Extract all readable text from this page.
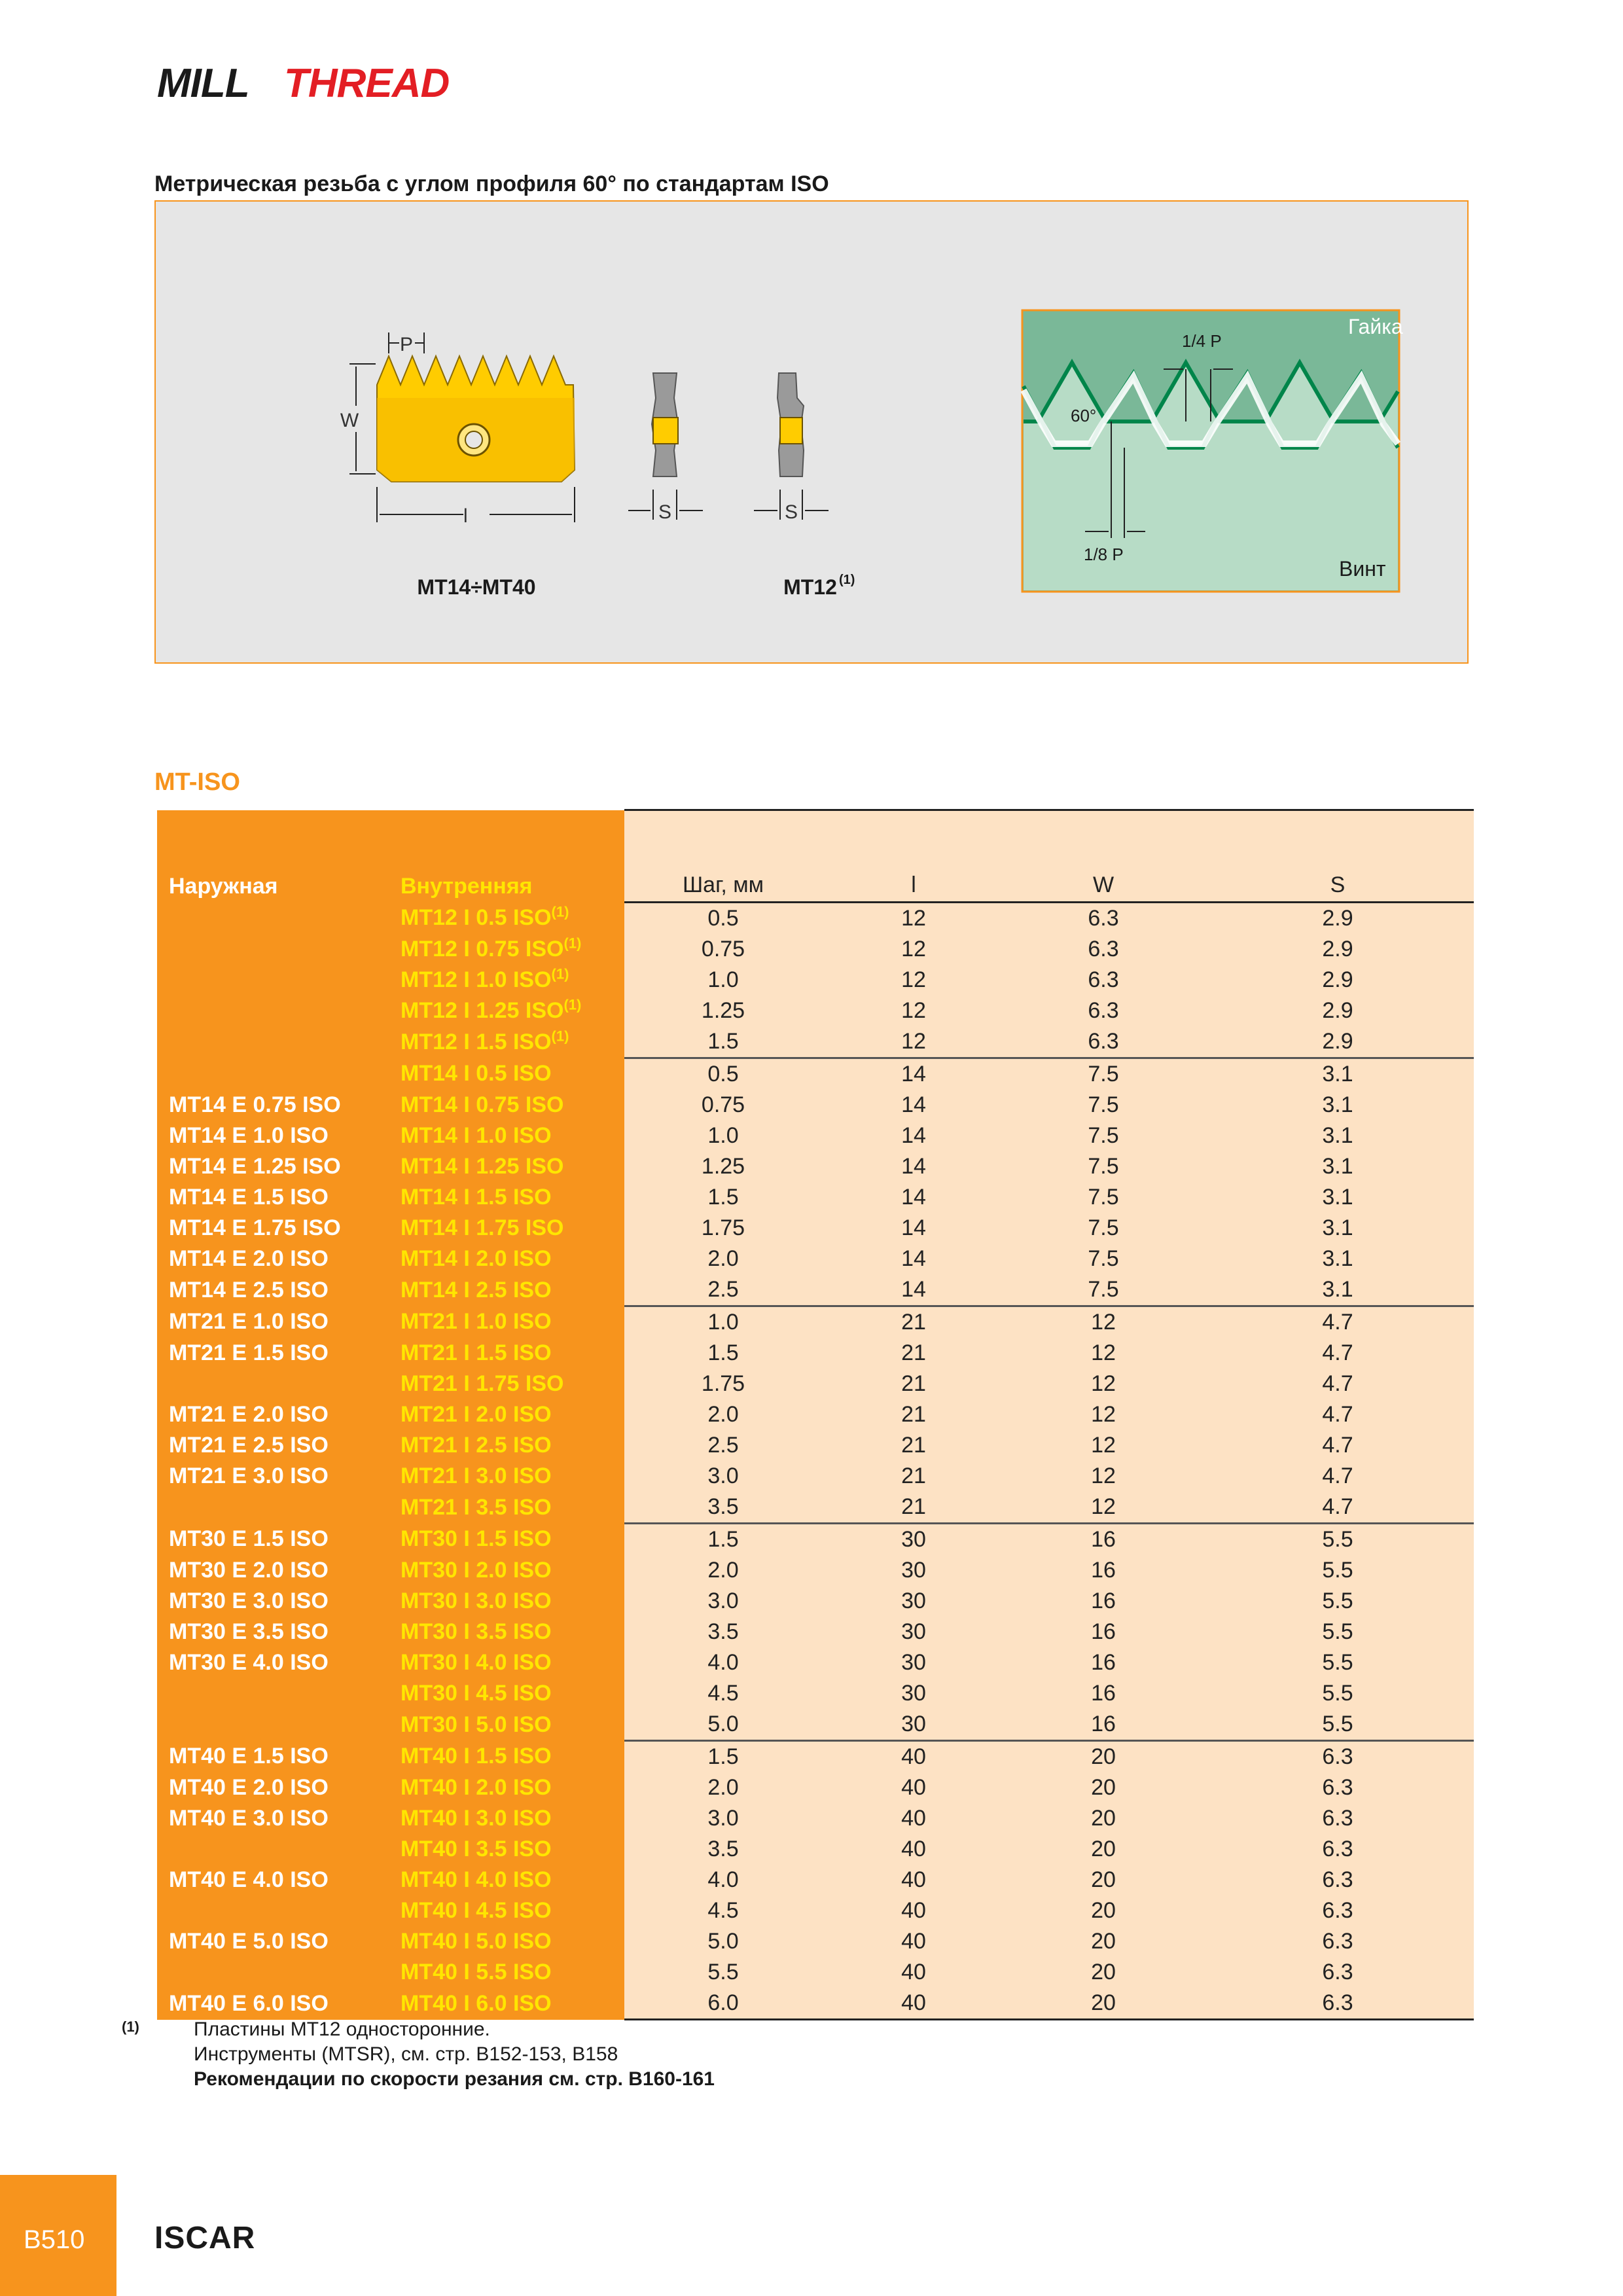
MILL THREAD
Метрическая резьба с углом профиля 60° по стандартам ISO
P
W
l
MT14÷MT40
S	S
MT12 (1)
1/4 P
1/8 P
60°
Гайка
Винт
MT-ISO
Наружная	Внутренняя	Шаг, мм	l	W	S
	MT12 I 0.5 ISO$^{(1)}$	0.5	12	6.3	2.9
	MT12 I 0.75 ISO$^{(1)}$	0.75	12	6.3	2.9
	MT12 I 1.0 ISO$^{(1)}$	1.0	12	6.3	2.9
	MT12 I 1.25 ISO$^{(1)}$	1.25	12	6.3	2.9
	MT12 I 1.5 ISO$^{(1)}$	1.5	12	6.3	2.9
	MT14 I 0.5 ISO	0.5	14	7.5	3.1
MT14 E 0.75 ISO	MT14 I 0.75 ISO	0.75	14	7.5	3.1
MT14 E 1.0 ISO	MT14 I 1.0 ISO	1.0	14	7.5	3.1
MT14 E 1.25 ISO	MT14 I 1.25 ISO	1.25	14	7.5	3.1
MT14 E 1.5 ISO	MT14 I 1.5 ISO	1.5	14	7.5	3.1
MT14 E 1.75 ISO	MT14 I 1.75 ISO	1.75	14	7.5	3.1
MT14 E 2.0 ISO	MT14 I 2.0 ISO	2.0	14	7.5	3.1
MT14 E 2.5 ISO	MT14 I 2.5 ISO	2.5	14	7.5	3.1
MT21 E 1.0 ISO	MT21 I 1.0 ISO	1.0	21	12	4.7
MT21 E 1.5 ISO	MT21 I 1.5 ISO	1.5	21	12	4.7
	MT21 I 1.75 ISO	1.75	21	12	4.7
MT21 E 2.0 ISO	MT21 I 2.0 ISO	2.0	21	12	4.7
MT21 E 2.5 ISO	MT21 I 2.5 ISO	2.5	21	12	4.7
MT21 E 3.0 ISO	MT21 I 3.0 ISO	3.0	21	12	4.7
	MT21 I 3.5 ISO	3.5	21	12	4.7
MT30 E 1.5 ISO	MT30 I 1.5 ISO	1.5	30	16	5.5
MT30 E 2.0 ISO	MT30 I 2.0 ISO	2.0	30	16	5.5
MT30 E 3.0 ISO	MT30 I 3.0 ISO	3.0	30	16	5.5
MT30 E 3.5 ISO	MT30 I 3.5 ISO	3.5	30	16	5.5
MT30 E 4.0 ISO	MT30 I 4.0 ISO	4.0	30	16	5.5
	MT30 I 4.5 ISO	4.5	30	16	5.5
	MT30 I 5.0 ISO	5.0	30	16	5.5
MT40 E 1.5 ISO	MT40 I 1.5 ISO	1.5	40	20	6.3
MT40 E 2.0 ISO	MT40 I 2.0 ISO	2.0	40	20	6.3
MT40 E 3.0 ISO	MT40 I 3.0 ISO	3.0	40	20	6.3
	MT40 I 3.5 ISO	3.5	40	20	6.3
MT40 E 4.0 ISO	MT40 I 4.0 ISO	4.0	40	20	6.3
	MT40 I 4.5 ISO	4.5	40	20	6.3
MT40 E 5.0 ISO	MT40 I 5.0 ISO	5.0	40	20	6.3
	MT40 I 5.5 ISO	5.5	40	20	6.3
MT40 E 6.0 ISO	MT40 I 6.0 ISO	6.0	40	20	6.3
(1)	Пластины MT12 односторонние.
Инструменты (MTSR), см. стр. B152-153, B158
Рекомендации по скорости резания см. стр. B160-161
B510 ISCAR
